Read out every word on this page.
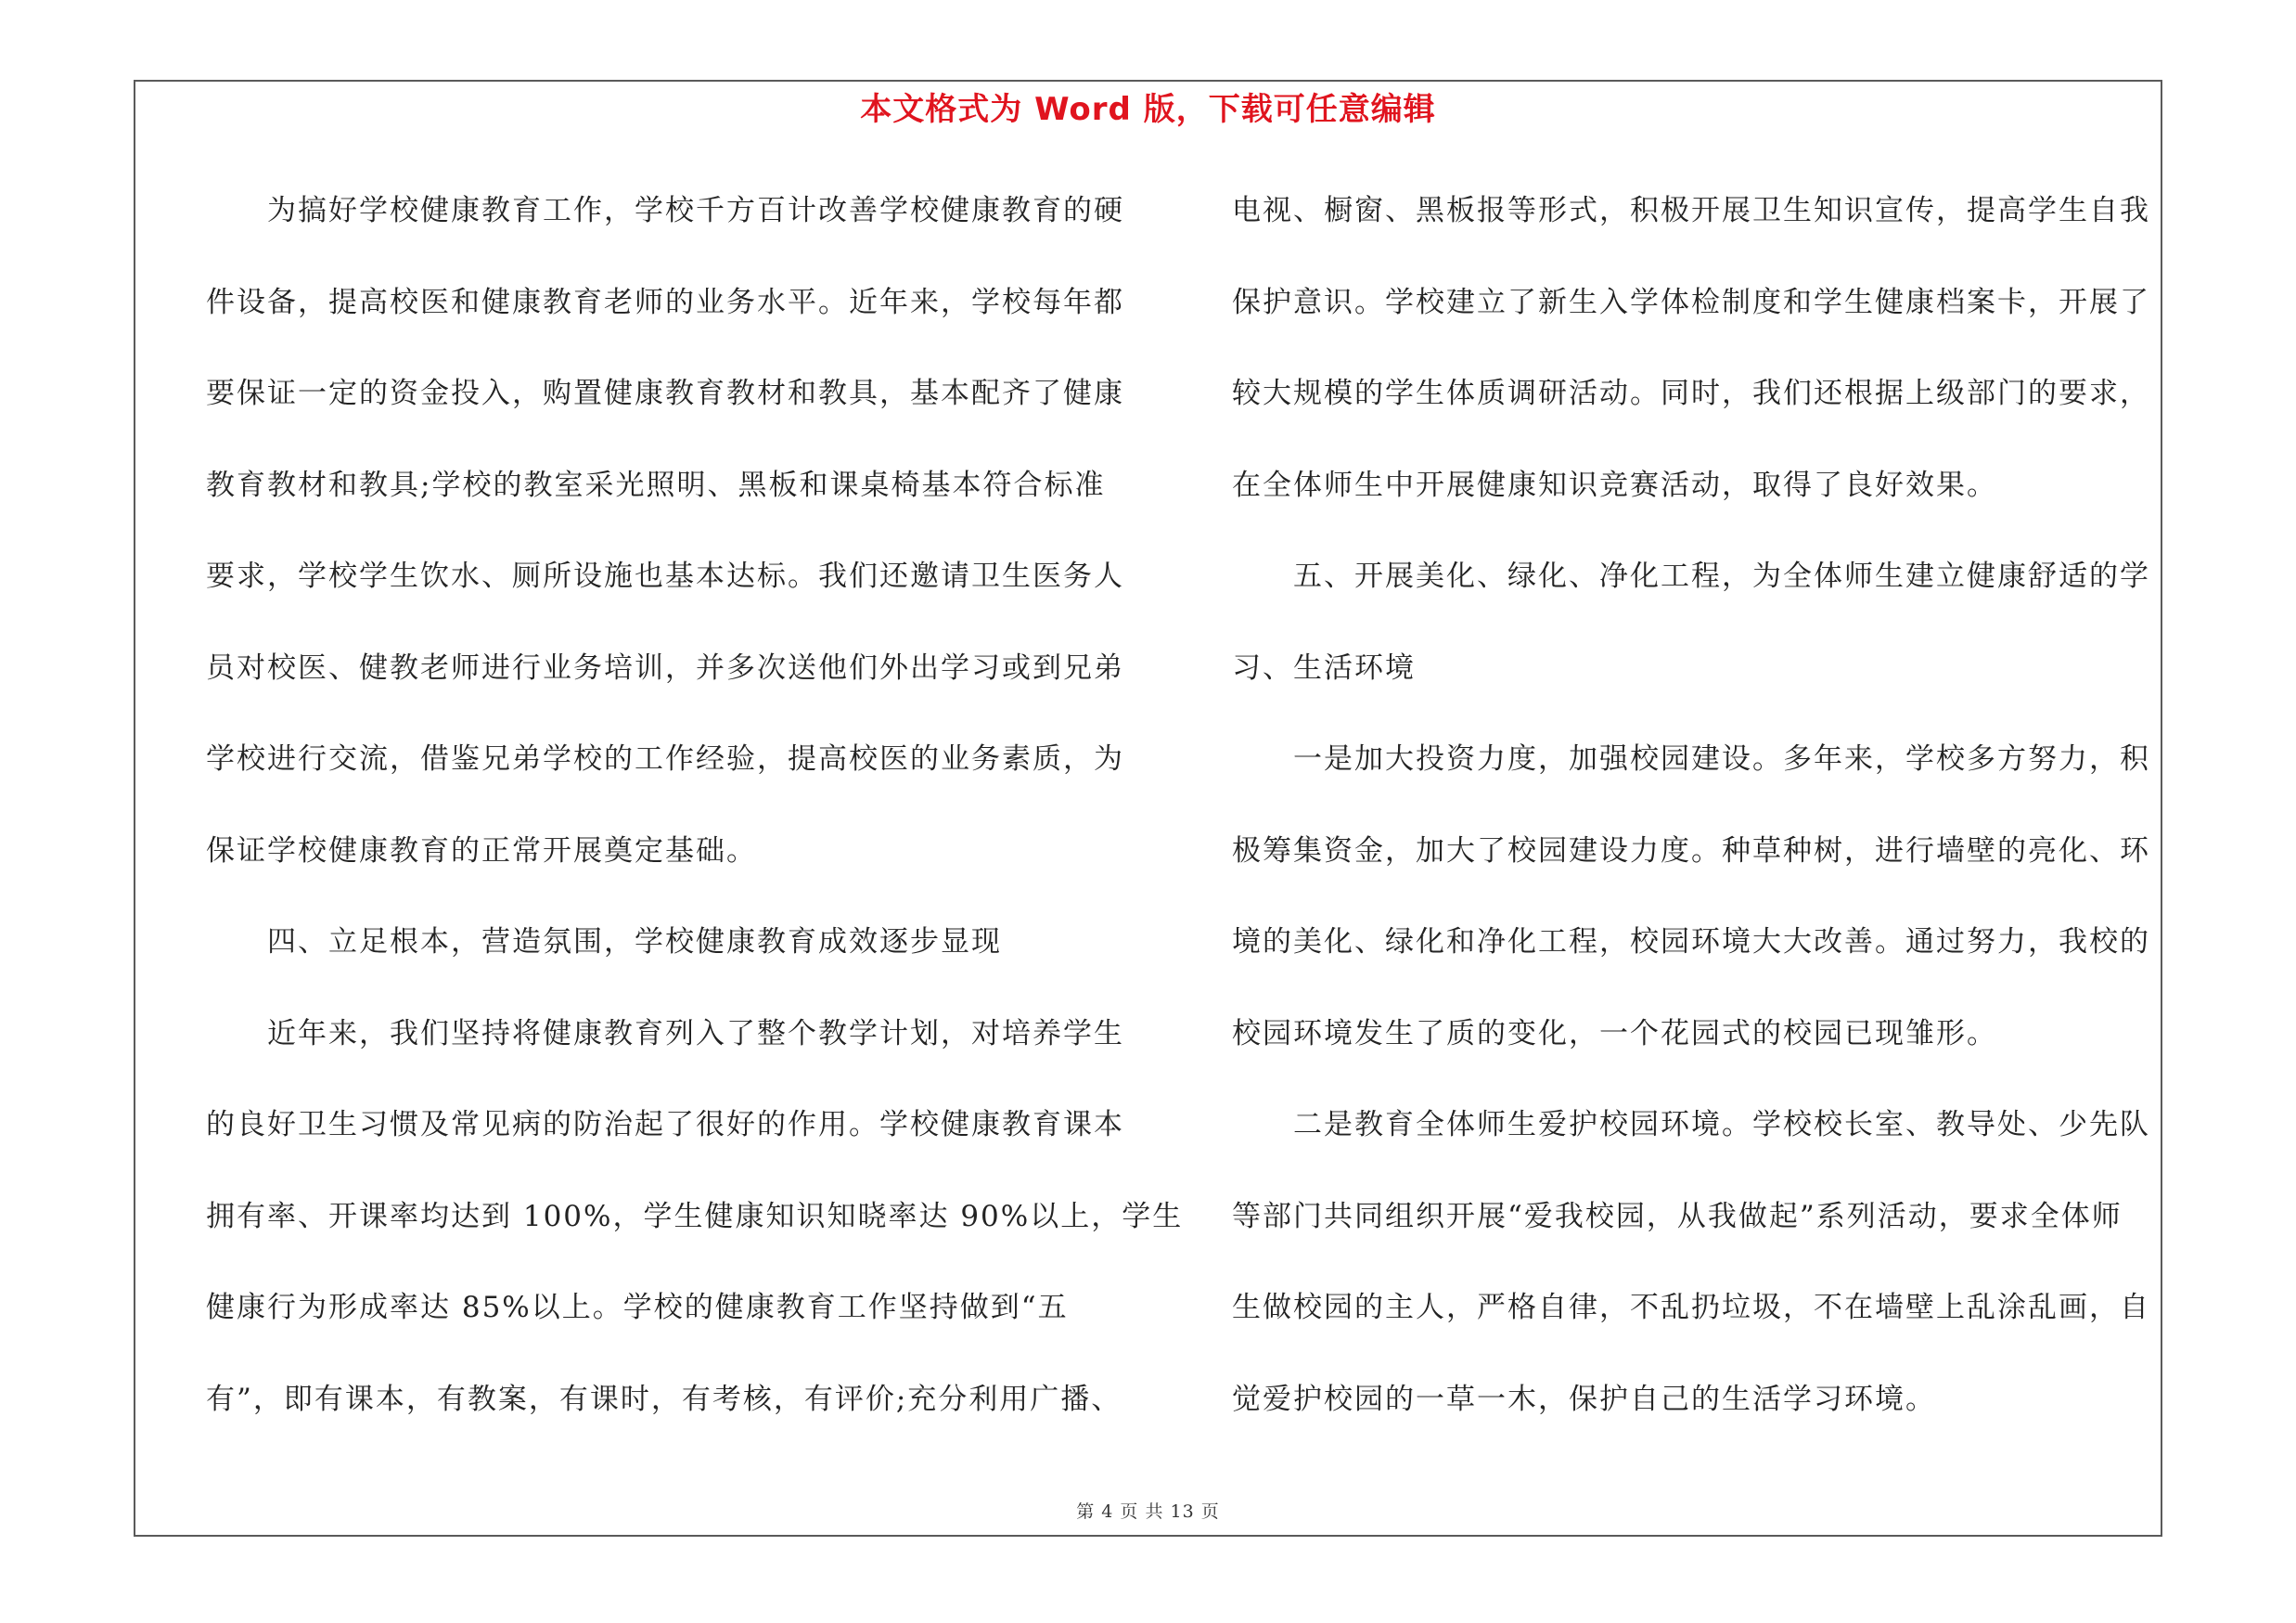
本文格式为 Word 版，下载可任意编辑
为搞好学校健康教育工作，学校千方百计改善学校健康教育的硬
件设备，提高校医和健康教育老师的业务水平。近年来，学校每年都
要保证一定的资金投入，购置健康教育教材和教具，基本配齐了健康
教育教材和教具;学校的教室采光照明、黑板和课桌椅基本符合标准
要求，学校学生饮水、厕所设施也基本达标。我们还邀请卫生医务人
员对校医、健教老师进行业务培训，并多次送他们外出学习或到兄弟
学校进行交流，借鉴兄弟学校的工作经验，提高校医的业务素质，为
保证学校健康教育的正常开展奠定基础。
四、立足根本，营造氛围，学校健康教育成效逐步显现
近年来，我们坚持将健康教育列入了整个教学计划，对培养学生
的良好卫生习惯及常见病的防治起了很好的作用。学校健康教育课本
拥有率、开课率均达到 100%，学生健康知识知晓率达 90%以上，学生
健康行为形成率达 85%以上。学校的健康教育工作坚持做到“五
有”，即有课本，有教案，有课时，有考核，有评价;充分利用广播、
电视、橱窗、黑板报等形式，积极开展卫生知识宣传，提高学生自我
保护意识。学校建立了新生入学体检制度和学生健康档案卡，开展了
较大规模的学生体质调研活动。同时，我们还根据上级部门的要求，
在全体师生中开展健康知识竞赛活动，取得了良好效果。
五、开展美化、绿化、净化工程，为全体师生建立健康舒适的学
习、生活环境
一是加大投资力度，加强校园建设。多年来，学校多方努力，积
极筹集资金，加大了校园建设力度。种草种树，进行墙壁的亮化、环
境的美化、绿化和净化工程，校园环境大大改善。通过努力，我校的
校园环境发生了质的变化，一个花园式的校园已现雏形。
二是教育全体师生爱护校园环境。学校校长室、教导处、少先队
等部门共同组织开展“爱我校园，从我做起”系列活动，要求全体师
生做校园的主人，严格自律，不乱扔垃圾，不在墙壁上乱涂乱画，自
觉爱护校园的一草一木，保护自己的生活学习环境。
第 4 页 共 13 页
